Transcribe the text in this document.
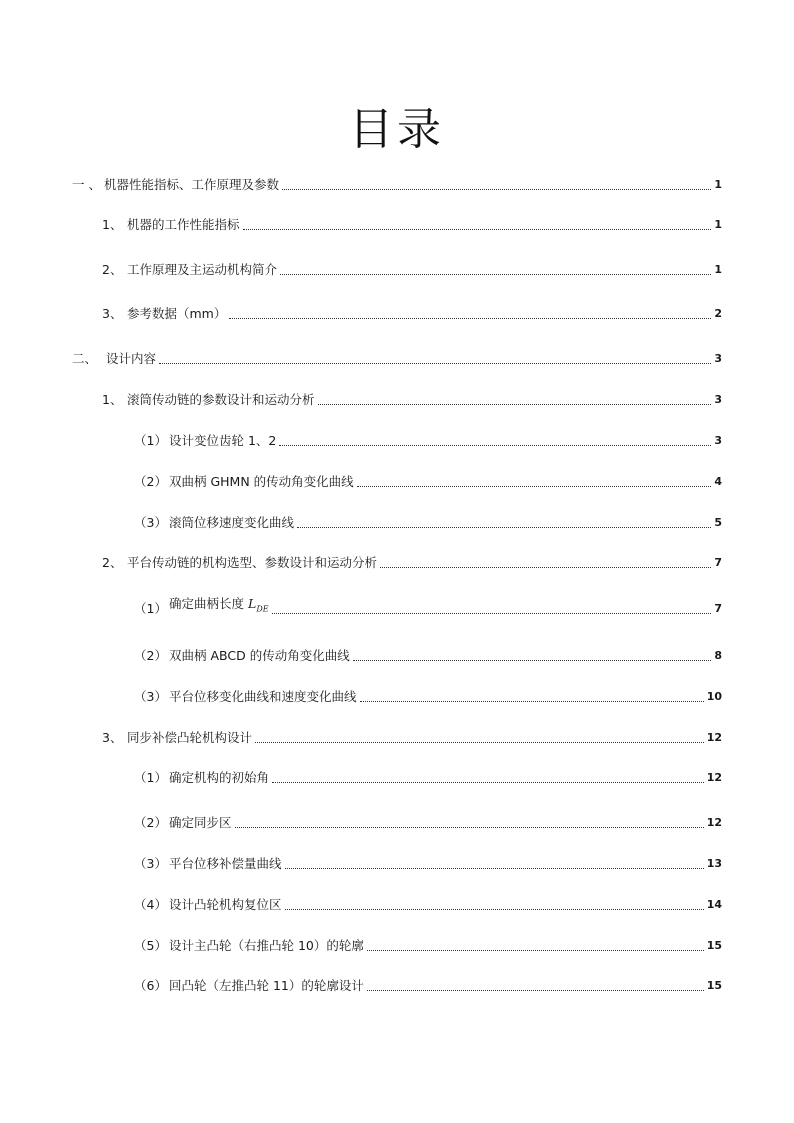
目录
一 、 机器性能指标、工作原理及参数	1
1、 机器的工作性能指标	1
2、 工作原理及主运动机构简介	1
3、 参考数据（mm）	2
二、 设计内容	3
1、 滚筒传动链的参数设计和运动分析	3
（1） 设计变位齿轮 1、2	3
（2） 双曲柄 GHMN 的传动角变化曲线	4
（3） 滚筒位移速度变化曲线	5
2、 平台传动链的机构选型、参数设计和运动分析	7
（1） 确定曲柄长度 $L_{DE}$	7
（2） 双曲柄 ABCD 的传动角变化曲线	8
（3） 平台位移变化曲线和速度变化曲线	10
3、 同步补偿凸轮机构设计	12
（1） 确定机构的初始角	12
（2） 确定同步区	12
（3） 平台位移补偿量曲线	13
（4） 设计凸轮机构复位区	14
（5） 设计主凸轮（右推凸轮 10）的轮廓	15
（6） 回凸轮（左推凸轮 11）的轮廓设计	15
